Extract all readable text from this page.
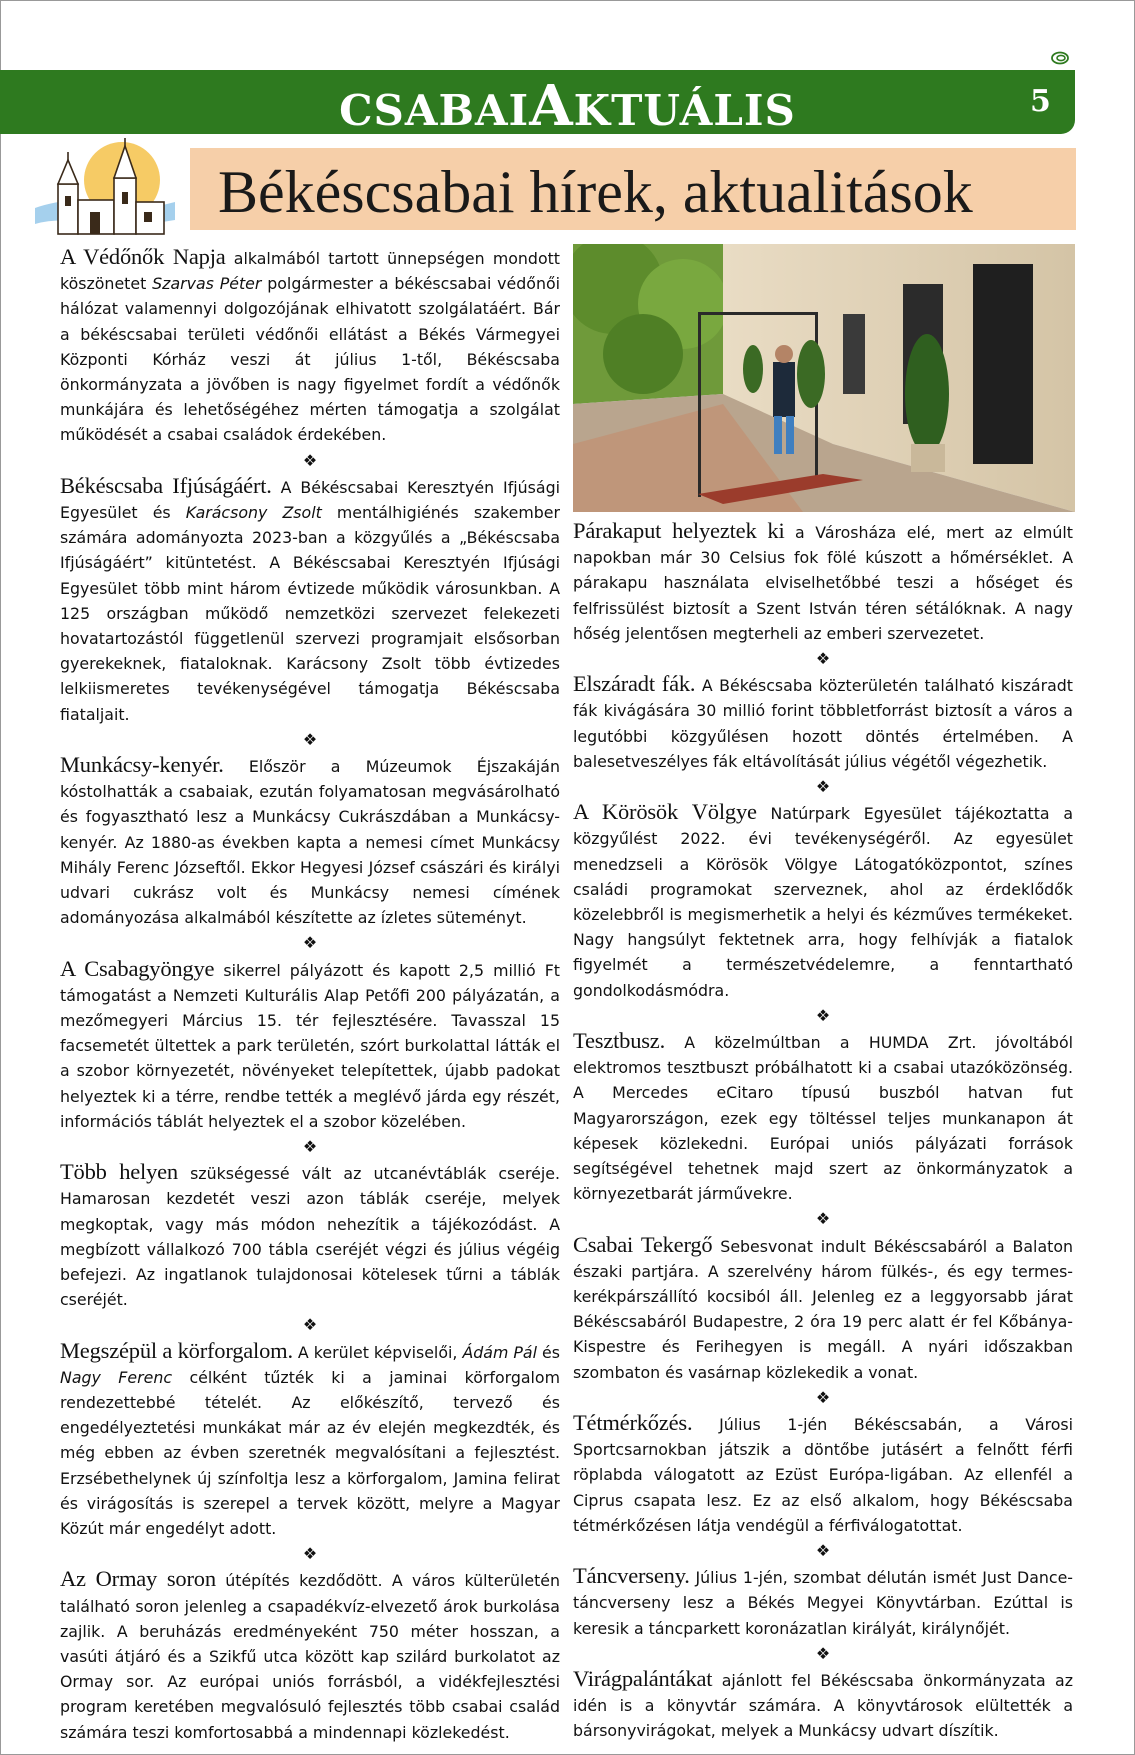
CSABAIAKTUÁLIS	5
Békéscsabai hírek, aktualitások

A Védőnők Napja alkalmából tartott ünnepségen mondott köszönetet Szarvas Péter polgármester a békéscsabai védőnői hálózat valamennyi dolgozójának elhivatott szolgálatáért. Bár a békéscsabai területi védőnői ellátást a Békés Vármegyei Központi Kórház veszi át július 1-től, Békéscsaba önkormányzata a jövőben is nagy figyelmet fordít a védőnők munkájára és lehetőségéhez mérten támogatja a szolgálat működését a csabai családok érdekében.

❖

Békéscsaba Ifjúságáért. A Békéscsabai Keresztyén Ifjúsági Egyesület és Karácsony Zsolt mentálhigiénés szakember számára adományozta 2023-ban a közgyűlés a „Békéscsaba Ifjúságáért” kitüntetést. A Békéscsabai Keresztyén Ifjúsági Egyesület több mint három évtizede működik városunkban. A 125 országban működő nemzetközi szervezet felekezeti hovatartozástól függetlenül szervezi programjait elsősorban gyerekeknek, fiataloknak. Karácsony Zsolt több évtizedes lelkiismeretes tevékenységével támogatja Békéscsaba fiataljait.

❖

Munkácsy-kenyér. Először a Múzeumok Éjszakáján kóstolhatták a csabaiak, ezután folyamatosan megvásárolható és fogyasztható lesz a Munkácsy Cukrászdában a Munkácsy-kenyér. Az 1880-as években kapta a nemesi címet Munkácsy Mihály Ferenc Józseftől. Ekkor Hegyesi József császári és királyi udvari cukrász volt és Munkácsy nemesi címének adományozása alkalmából készítette az ízletes süteményt.

❖

A Csabagyöngye sikerrel pályázott és kapott 2,5 millió Ft támogatást a Nemzeti Kulturális Alap Petőfi 200 pályázatán, a mezőmegyeri Március 15. tér fejlesztésére. Tavasszal 15 facsemetét ültettek a park területén, szórt burkolattal látták el a szobor környezetét, növényeket telepítettek, újabb padokat helyeztek ki a térre, rendbe tették a meglévő járda egy részét, információs táblát helyeztek el a szobor közelében.

❖

Több helyen szükségessé vált az utcanévtáblák cseréje. Hamarosan kezdetét veszi azon táblák cseréje, melyek megkoptak, vagy más módon nehezítik a tájékozódást. A megbízott vállalkozó 700 tábla cseréjét végzi és július végéig befejezi. Az ingatlanok tulajdonosai kötelesek tűrni a táblák cseréjét.

❖

Megszépül a körforgalom. A kerület képviselői, Ádám Pál és Nagy Ferenc célként tűzték ki a jaminai körforgalom rendezettebbé tételét. Az előkészítő, tervező és engedélyeztetési munkákat már az év elején megkezdték, és még ebben az évben szeretnék megvalósítani a fejlesztést. Erzsébethelynek új színfoltja lesz a körforgalom, Jamina felirat és virágosítás is szerepel a tervek között, melyre a Magyar Közút már engedélyt adott.

❖

Az Ormay soron útépítés kezdődött. A város külterületén található soron jelenleg a csapadékvíz-elvezető árok burkolása zajlik. A beruházás eredményeként 750 méter hosszan, a vasúti átjáró és a Szikfű utca között kap szilárd burkolatot az Ormay sor. Az európai uniós forrásból, a vidékfejlesztési program keretében megvalósuló fejlesztés több csabai család számára teszi komfortosabbá a mindennapi közlekedést.

Párakaput helyeztek ki a Városháza elé, mert az elmúlt napokban már 30 Celsius fok fölé kúszott a hőmérséklet. A párakapu használata elviselhetőbbé teszi a hőséget és felfrissülést biztosít a Szent István téren sétálóknak. A nagy hőség jelentősen megterheli az emberi szervezetet.

❖

Elszáradt fák. A Békéscsaba közterületén található kiszáradt fák kivágására 30 millió forint többletforrást biztosít a város a legutóbbi közgyűlésen hozott döntés értelmében. A balesetveszélyes fák eltávolítását július végétől végezhetik.

❖

A Körösök Völgye Natúrpark Egyesület tájékoztatta a közgyűlést 2022. évi tevékenységéről. Az egyesület menedzseli a Körösök Völgye Látogatóközpontot, színes családi programokat szerveznek, ahol az érdeklődők közelebbről is megismerhetik a helyi és kézműves termékeket. Nagy hangsúlyt fektetnek arra, hogy felhívják a fiatalok figyelmét a természetvédelemre, a fenntartható gondolkodásmódra.

❖

Tesztbusz. A közelmúltban a HUMDA Zrt. jóvoltából elektromos tesztbuszt próbálhatott ki a csabai utazóközönség. A Mercedes eCitaro típusú buszból hatvan fut Magyarországon, ezek egy töltéssel teljes munkanapon át képesek közlekedni. Európai uniós pályázati források segítségével tehetnek majd szert az önkormányzatok a környezetbarát járművekre.

❖

Csabai Tekergő Sebesvonat indult Békéscsabáról a Balaton északi partjára. A szerelvény három fülkés-, és egy termes-kerékpárszállító kocsiból áll. Jelenleg ez a leggyorsabb járat Békéscsabáról Budapestre, 2 óra 19 perc alatt ér fel Kőbánya-Kispestre és Ferihegyen is megáll. A nyári időszakban szombaton és vasárnap közlekedik a vonat.

❖

Tétmérkőzés. Július 1-jén Békéscsabán, a Városi Sportcsarnokban játszik a döntőbe jutásért a felnőtt férfi röplabda válogatott az Ezüst Európa-ligában. Az ellenfél a Ciprus csapata lesz. Ez az első alkalom, hogy Békéscsaba tétmérkőzésen látja vendégül a férfiválogatottat.

❖

Táncverseny. Július 1-jén, szombat délután ismét Just Dance-táncverseny lesz a Békés Megyei Könyvtárban. Ezúttal is keresik a táncparkett koronázatlan királyát, királynőjét.

❖

Virágpalántákat ajánlott fel Békéscsaba önkormányzata az idén is a könyvtár számára. A könyvtárosok elültették a bársonyvirágokat, melyek a Munkácsy udvart díszítik.
